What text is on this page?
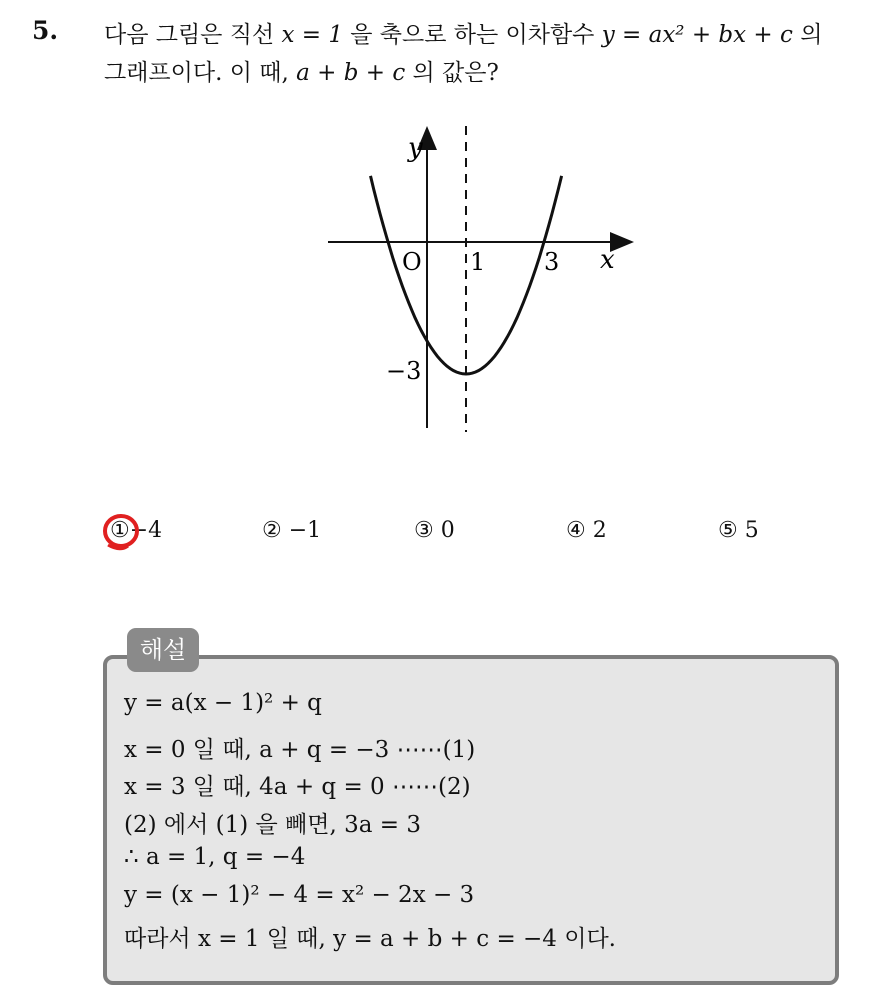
5. 다음 그림은 직선 x = 1 을 축으로 하는 이차함수 y = ax² + bx + c 의
그래프이다. 이 때, a + b + c 의 값은?
y
x
O 1 3
−3
①−4	② −1	③ 0	④ 2	⑤ 5
해설
y = a(x − 1)² + q
x = 0 일 때, a + q = −3 ⋯⋯(1)
x = 3 일 때, 4a + q = 0 ⋯⋯(2)
(2) 에서 (1) 을 빼면, 3a = 3
∴ a = 1, q = −4
y = (x − 1)² − 4 = x² − 2x − 3
따라서 x = 1 일 때, y = a + b + c = −4 이다.
